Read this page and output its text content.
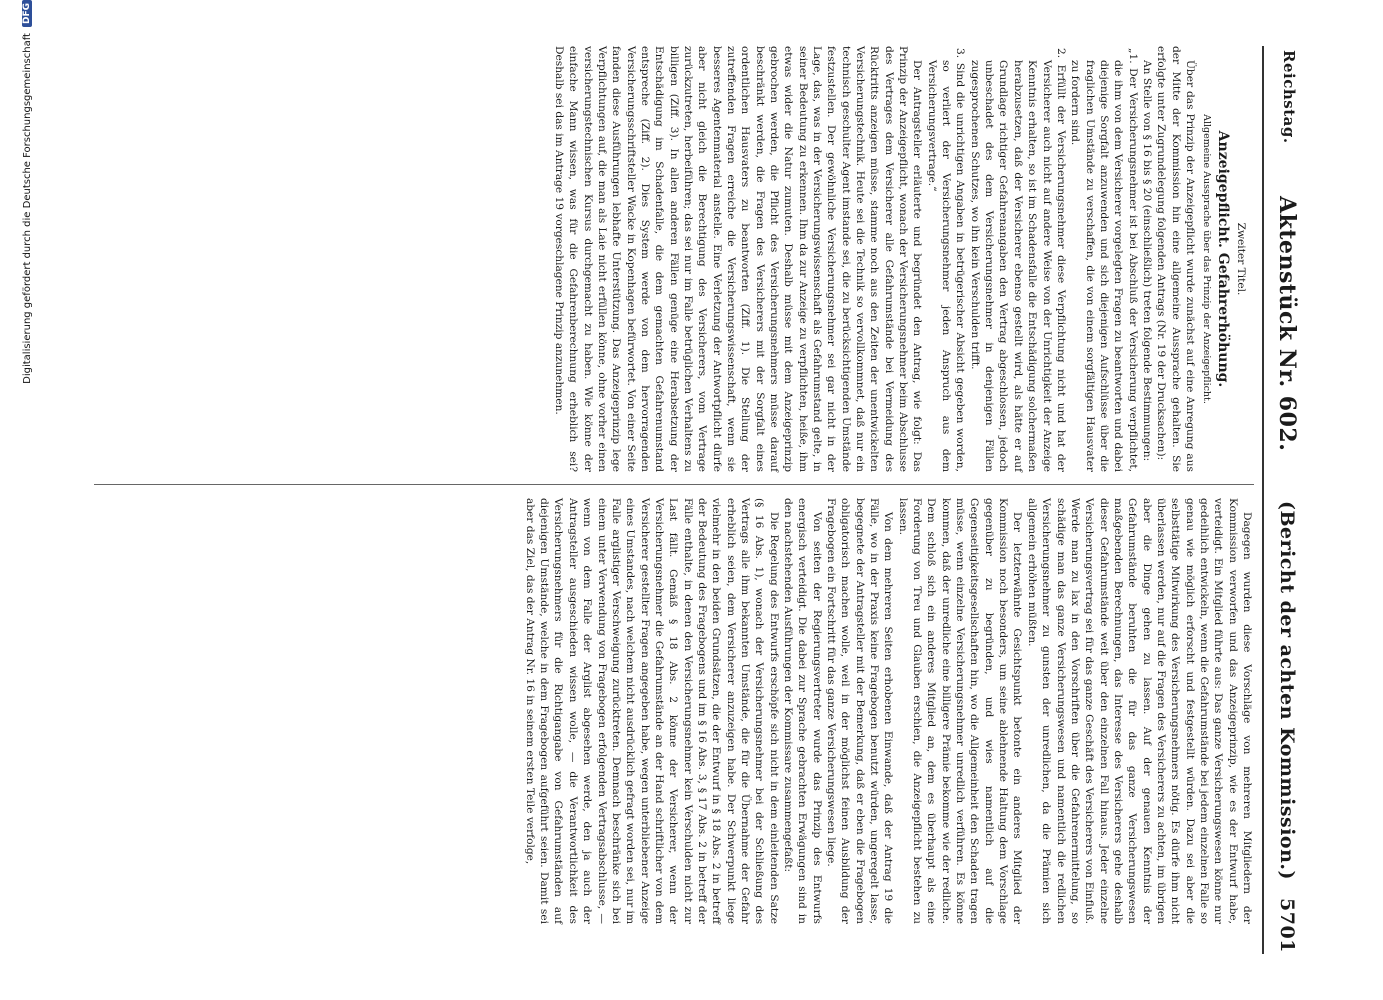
Reichstag.
Aktenstück Nr. 602.
(Bericht der achten Kommission.)
5701

Zweiter Titel.

Anzeigepflicht. Gefahrerhöhung.

Allgemeine Aussprache über das Prinzip der Anzeigepflicht.

Über das Prinzip der Anzeigepflicht wurde zunächst auf eine Anregung aus der Mitte der Kommission hin eine allgemeine Aussprache gehalten. Sie erfolgte unter Zugrundelegung folgenden Antrags (Nr. 19 der Drucksachen):

An Stelle von § 16 bis § 20 (einschließlich) treten folgende Bestimmungen:

„1. Der Versicherungsnehmer ist bei Abschluß der Versicherung verpflichtet, die ihm von dem Versicherer vorgelegten Fragen zu beantworten und dabei diejenige Sorgfalt anzuwenden und sich diejenigen Aufschlüsse über die fraglichen Umstände zu verschaffen, die von einem sorgfältigen Hausvater zu fordern sind.

2. Erfüllt der Versicherungsnehmer diese Verpflichtung nicht und hat der Versicherer auch nicht auf andere Weise von der Unrichtigkeit der Anzeige Kenntnis erhalten, so ist im Schadensfalle die Entschädigung solchermaßen herabzusetzen, daß der Versicherer ebenso gestellt wird, als hätte er auf Grundlage richtiger Gefahrenangaben den Vertrag abgeschlossen, jedoch unbeschadet des dem Versicherungsnehmer in denjenigen Fällen zugesprochenen Schutzes, wo ihn kein Verschulden trifft.

3. Sind die unrichtigen Angaben in betrügerischer Absicht gegeben worden, so verliert der Versicherungsnehmer jeden Anspruch aus dem Versicherungsvertrage.“

Der Antragsteller erläuterte und begründet den Antrag, wie folgt: Das Prinzip der Anzeigepflicht, wonach der Versicherungsnehmer beim Abschlusse des Vertrages dem Versicherer alle Gefahrumstände bei Vermeidung des Rücktritts anzeigen müsse, stamme noch aus den Zeiten der unentwickelten Versicherungstechnik. Heute sei die Technik so vervollkommnet, daß nur ein technisch geschulter Agent imstande sei, die zu berücksichtigenden Umstände festzustellen. Der gewöhnliche Versicherungsnehmer sei gar nicht in der Lage, das, was in der Versicherungswissenschaft als Gefahrumstand gelte, in seiner Bedeutung zu erkennen. Ihm da zur Anzeige zu verpflichten, heiße, ihm etwas wider die Natur zumuten. Deshalb müsse mit dem Anzeigeprinzip gebrochen werden, die Pflicht des Versicherungsnehmers müsse darauf beschränkt werden, die Fragen des Versicherers mit der Sorgfalt eines ordentlichen Hausvaters zu beantworten (Ziff. 1). Die Stellung der zutreffenden Fragen erreiche die Versicherungswissenschaft, wenn sie besseres Agentenmaterial anstelle. Eine Verletzung der Antwortpflicht dürfe aber nicht gleich die Berechtigung des Versicherers, vom Vertrage zurückzutreten, herbeiführen; das sei nur im Falle betrüglichen Verhaltens zu billigen (Ziff. 3). In allen anderen Fällen genüge eine Herabsetzung der Entschädigung im Schadenfalle, die dem gemachten Gefahrenumstand entspreche (Ziff. 2). Dies System werde von dem hervorragenden Versicherungsschriftsteller Wacke in Kopenhagen befürwortet. Von einer Seite fanden diese Ausführungen lebhafte Unterstützung. Das Anzeigeprinzip lege Verpflichtungen auf, die man als Laie nicht erfüllen könne, ohne vorher einen versicherungstechnischen Kursus durchgemacht zu haben. Wie könne der einfache Mann wissen, was für die Gefahrenberechnung erheblich sei? Deshalb sei das im Antrage 19 vorgeschlagene Prinzip anzunehmen.

Dagegen wurden diese Vorschläge von mehreren Mitgliedern der Kommission verworfen und das Anzeigeprinzip, wie es der Entwurf habe, verteidigt. Ein Mitglied führte aus: Das ganze Versicherungswesen könne nur gedeihlich entwickeln, wenn die Gefahrumstände bei jedem einzelnen Falle so genau wie möglich erforscht und festgestellt würden. Dazu sei aber die selbsttätige Mitwirkung des Versicherungsnehmers nötig. Es dürfe ihm nicht überlassen werden, nur auf die Fragen des Versicherers zu achten, im übrigen aber die Dinge gehen zu lassen. Auf der genauen Kenntnis der Gefahrumstände beruhten die für das ganze Versicherungswesen maßgebenden Berechnungen, das Interesse des Versicherers gehe deshalb dieser Gefahrumstände weit über den einzelnen Fall hinaus. Jeder einzelne Versicherungsvertrag sei für das ganze Geschäft des Versicherers von Einfluß. Werde man zu lax in den Vorschriften über die Gefahrenermittelung, so schädige man das ganze Versicherungswesen und namentlich die redlichen Versicherungsnehmer zu gunsten der unredlichen, da die Prämien sich allgemein erhöhen müßten.

Der letzterwähnte Gesichtspunkt betonte ein anderes Mitglied der Kommission noch besonders, um seine ablehnende Haltung dem Vorschlage gegenüber zu begründen, und wies namentlich auf die Gegenseitigkeitsgesellschaften hin, wo die Allgemeinheit den Schaden tragen müsse, wenn einzelne Versicherungsnehmer unredlich verführen. Es könne kommen, daß der unredliche eine billigere Prämie bekomme wie der redliche. Dem schloß sich ein anderes Mitglied an, dem es überhaupt als eine Forderung von Treu und Glauben erschien, die Anzeigepflicht bestehen zu lassen.

Von dem mehreren Seiten erhobenen Einwande, daß der Antrag 19 die Fälle, wo in der Praxis keine Fragebogen benutzt würden, ungeregelt lasse, begegnete der Antragsteller mit der Bemerkung, daß er eben die Fragebogen obligatorisch machen wolle, weil in der möglichst feinen Ausbildung der Fragebogen ein Fortschritt für das ganze Versicherungswesen liege.

Von seiten der Regierungsvertreter wurde das Prinzip des Entwurfs energisch verteidigt. Die dabei zur Sprache gebrachten Erwägungen sind in den nachstehenden Ausführungen der Kommissare zusammengefaßt:

Die Regelung des Entwurfs erschöpfe sich nicht in dem einleitenden Satze (§ 16 Abs. 1), wonach der Versicherungsnehmer bei der Schließung des Vertrags alle ihm bekannten Umstände, die für die Übernahme der Gefahr erheblich seien, dem Versicherer anzuzeigen habe. Der Schwerpunkt liege vielmehr in den beiden Grundsätzen, die der Entwurf in § 18 Abs. 2 in betreff der Bedeutung des Fragebogens und im § 16 Abs. 3, § 17 Abs. 2 in betreff der Fälle enthalte, in denen den Versicherungsnehmer kein Verschulden nicht zur Last fällt. Gemäß § 18 Abs. 2 könne der Versicherer, wenn der Versicherungsnehmer die Gefahrumstände an der Hand schriftlicher von dem Versicherer gestellter Fragen angegeben habe, wegen unterbliebener Anzeige eines Umstandes, nach welchem nicht ausdrücklich gefragt worden sei, nur im Falle arglistiger Verschweigung zurücktreten. Demnach beschränke sich bei einem unter Verwendung von Fragebogen erfolgenden Vertragsabschlusse, — wenn von dem Falle der Arglist abgesehen werde, den ja auch der Antragsteller ausgeschieden wissen wolle, — die Verantwortlichkeit des Versicherungsnehmers für die Richtigangabe von Gefahrumständen auf diejenigen Umstände, welche in dem Fragebogen aufgeführt seien. Damit sei aber das Ziel, das der Antrag Nr. 16 in seinem ersten Teile verfolge,

Digitalisierung gefördert durch die Deutsche Forschungsgemeinschaft
DFG
